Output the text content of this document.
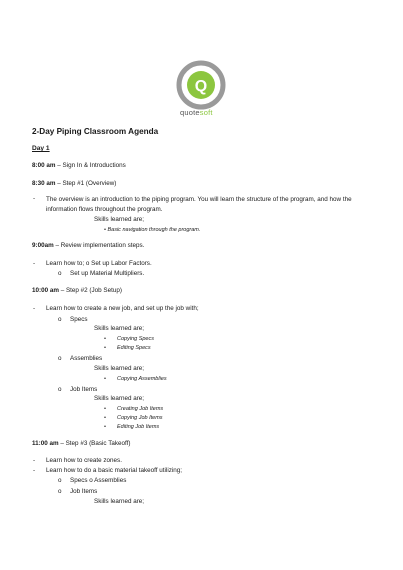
Q
quotesoft
2-Day Piping Classroom Agenda
Day 1
8:00 am – Sign In & Introductions
8:30 am – Step #1 (Overview)
- The overview is an introduction to the piping program. You will learn the structure of the program, and how the information flows throughout the program.
Skills learned are;
• Basic navigation through the program.
9:00am – Review implementation steps.
- Learn how to; o Set up Labor Factors.
o Set up Material Multipliers.
10:00 am – Step #2 (Job Setup)
- Learn how to create a new job, and set up the job with;
o Specs
Skills learned are;
• Copying Specs
• Editing Specs
o Assemblies
Skills learned are;
• Copying Assemblies
o Job Items
Skills learned are;
• Creating Job Items
• Copying Job Items
• Editing Job Items
11:00 am – Step #3 (Basic Takeoff)
- Learn how to create zones.
- Learn how to do a basic material takeoff utilizing;
o Specs o Assemblies
o Job Items
Skills learned are;
